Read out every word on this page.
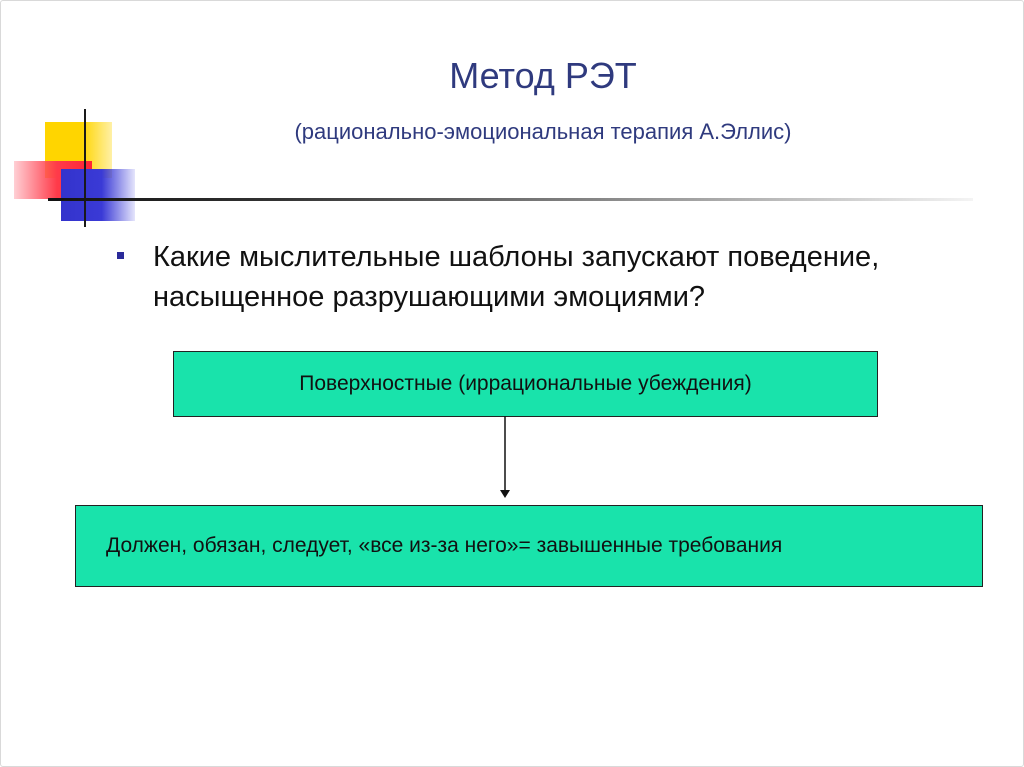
Метод РЭТ
(рационально-эмоциональная терапия А.Эллис)
Какие мыслительные шаблоны запускают поведение,
насыщенное разрушающими эмоциями?
Поверхностные (иррациональные убеждения)
Должен, обязан, следует, «все из-за него»= завышенные требования
